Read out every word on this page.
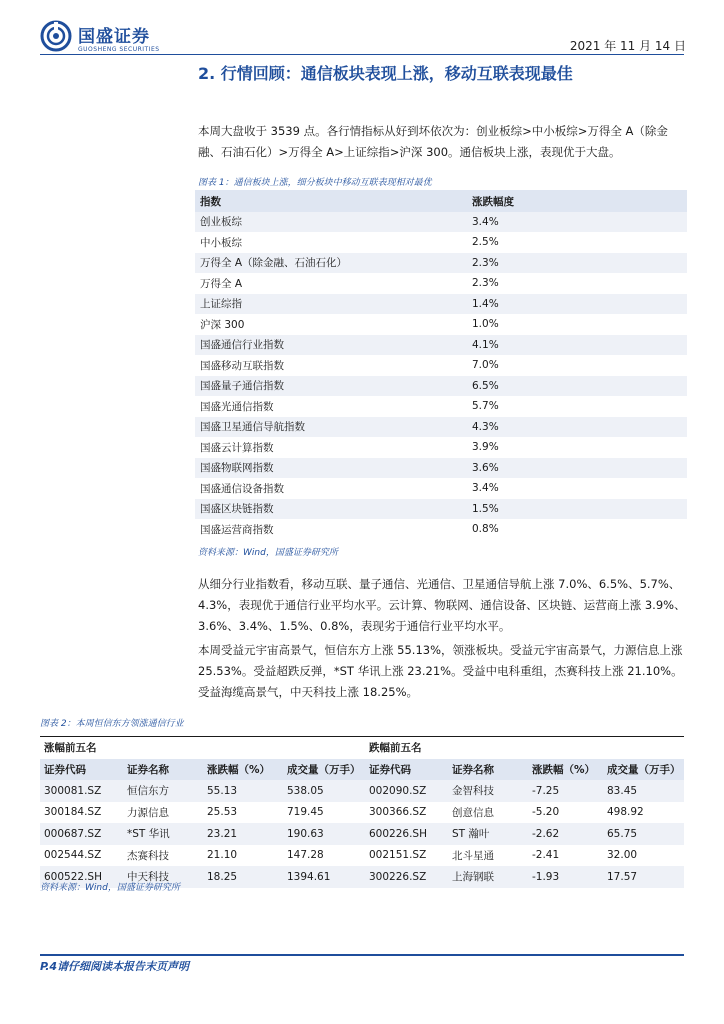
国盛证券
GUOSHENG SECURITIES	2021 年 11 月 14 日
2. 行情回顾：通信板块表现上涨，移动互联表现最佳
本周大盘收于 3539 点。各行情指标从好到坏依次为：创业板综>中小板综>万得全 A（除金融、石油石化）>万得全 A>上证综指>沪深 300。通信板块上涨，表现优于大盘。
图表 1：通信板块上涨，细分板块中移动互联表现相对最优
指数	涨跌幅度
创业板综	3.4%
中小板综	2.5%
万得全 A（除金融、石油石化）	2.3%
万得全 A	2.3%
上证综指	1.4%
沪深 300	1.0%
国盛通信行业指数	4.1%
国盛移动互联指数	7.0%
国盛量子通信指数	6.5%
国盛光通信指数	5.7%
国盛卫星通信导航指数	4.3%
国盛云计算指数	3.9%
国盛物联网指数	3.6%
国盛通信设备指数	3.4%
国盛区块链指数	1.5%
国盛运营商指数	0.8%
资料来源：Wind，国盛证券研究所
从细分行业指数看，移动互联、量子通信、光通信、卫星通信导航上涨 7.0%、6.5%、5.7%、4.3%，表现优于通信行业平均水平。云计算、物联网、通信设备、区块链、运营商上涨 3.9%、3.6%、3.4%、1.5%、0.8%，表现劣于通信行业平均水平。
本周受益元宇宙高景气，恒信东方上涨 55.13%，领涨板块。受益元宇宙高景气，力源信息上涨 25.53%。受益超跌反弹，*ST 华讯上涨 23.21%。受益中电科重组，杰赛科技上涨 21.10%。受益海缆高景气，中天科技上涨 18.25%。
图表 2：本周恒信东方领涨通信行业
涨幅前五名				跌幅前五名			
证券代码	证券名称	涨跌幅（%）	成交量（万手）	证券代码	证券名称	涨跌幅（%）	成交量（万手）
300081.SZ	恒信东方	55.13	538.05	002090.SZ	金智科技	-7.25	83.45
300184.SZ	力源信息	25.53	719.45	300366.SZ	创意信息	-5.20	498.92
000687.SZ	*ST 华讯	23.21	190.63	600226.SH	ST 瀚叶	-2.62	65.75
002544.SZ	杰赛科技	21.10	147.28	002151.SZ	北斗星通	-2.41	32.00
600522.SH	中天科技	18.25	1394.61	300226.SZ	上海钢联	-1.93	17.57
资料来源：Wind，国盛证券研究所
P.4请仔细阅读本报告末页声明
